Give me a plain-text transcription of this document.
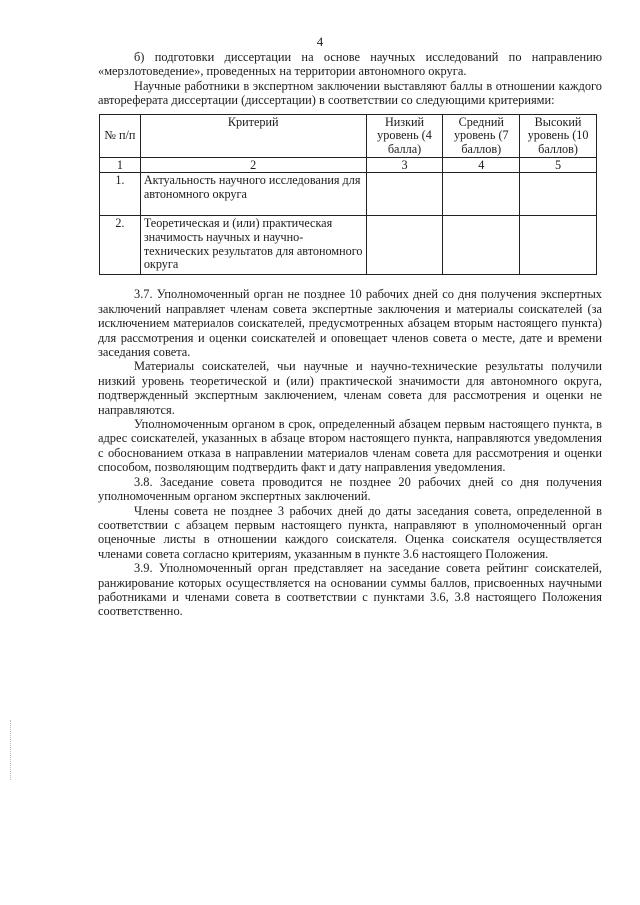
4

б) подготовки диссертации на основе научных исследований по направлению «мерзлотоведение», проведенных на территории автономного округа.

Научные работники в экспертном заключении выставляют баллы в отношении каждого автореферата диссертации (диссертации) в соответствии со следующими критериями:

№ п/п	Критерий	Низкий уровень (4 балла)	Средний уровень (7 баллов)	Высокий уровень (10 баллов)
1	2	3	4	5
1.	Актуальность научного исследования для автономного округа			
2.	Теоретическая и (или) практическая значимость научных и научно-технических результатов для автономного округа			

3.7. Уполномоченный орган не позднее 10 рабочих дней со дня получения экспертных заключений направляет членам совета экспертные заключения и материалы соискателей (за исключением материалов соискателей, предусмотренных абзацем вторым настоящего пункта) для рассмотрения и оценки соискателей и оповещает членов совета о месте, дате и времени заседания совета.

Материалы соискателей, чьи научные и научно-технические результаты получили низкий уровень теоретической и (или) практической значимости для автономного округа, подтвержденный экспертным заключением, членам совета для рассмотрения и оценки не направляются.

Уполномоченным органом в срок, определенный абзацем первым настоящего пункта, в адрес соискателей, указанных в абзаце втором настоящего пункта, направляются уведомления с обоснованием отказа в направлении материалов членам совета для рассмотрения и оценки способом, позволяющим подтвердить факт и дату направления уведомления.

3.8. Заседание совета проводится не позднее 20 рабочих дней со дня получения уполномоченным органом экспертных заключений.

Члены совета не позднее 3 рабочих дней до даты заседания совета, определенной в соответствии с абзацем первым настоящего пункта, направляют в уполномоченный орган оценочные листы в отношении каждого соискателя. Оценка соискателя осуществляется членами совета согласно критериям, указанным в пункте 3.6 настоящего Положения.

3.9. Уполномоченный орган представляет на заседание совета рейтинг соискателей, ранжирование которых осуществляется на основании суммы баллов, присвоенных научными работниками и членами совета в соответствии с пунктами 3.6, 3.8 настоящего Положения соответственно.
